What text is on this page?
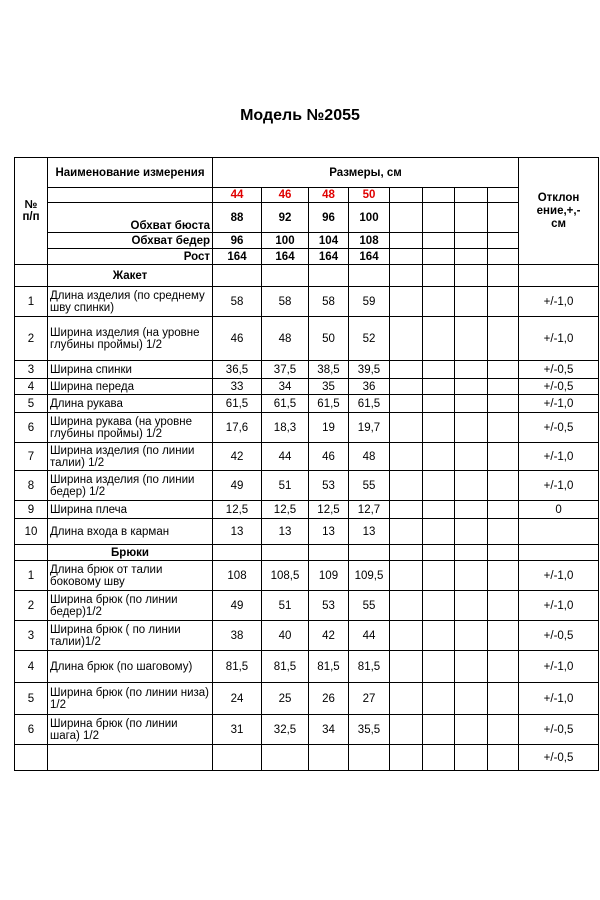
Модель №2055
№
п/п	Наименование измерения	Размеры, см								Отклон
ение,+,-
см
		44	46	48	50					
	Обхват бюста	88	92	96	100					
	Обхват бедер	96	100	104	108					
	Рост	164	164	164	164					
	Жакет									
1	Длина изделия (по среднему шву спинки)	58	58	58	59					+/-1,0
2	Ширина изделия (на уровне глубины проймы) 1/2	46	48	50	52					+/-1,0
3	Ширина спинки	36,5	37,5	38,5	39,5					+/-0,5
4	Ширина переда	33	34	35	36					+/-0,5
5	Длина рукава	61,5	61,5	61,5	61,5					+/-1,0
6	Ширина рукава (на уровне глубины проймы) 1/2	17,6	18,3	19	19,7					+/-0,5
7	Ширина изделия (по линии талии) 1/2	42	44	46	48					+/-1,0
8	Ширина изделия (по линии бедер) 1/2	49	51	53	55					+/-1,0
9	Ширина плеча	12,5	12,5	12,5	12,7					0
10	Длина входа в карман	13	13	13	13					
	Брюки									
1	Длина брюк от талии боковому шву	108	108,5	109	109,5					+/-1,0
2	Ширина брюк (по линии бедер)1/2	49	51	53	55					+/-1,0
3	Ширина брюк ( по линии талии)1/2	38	40	42	44					+/-0,5
4	Длина брюк (по шаговому)	81,5	81,5	81,5	81,5					+/-1,0
5	Ширина брюк (по линии низа) 1/2	24	25	26	27					+/-1,0
6	Ширина брюк (по линии шага) 1/2	31	32,5	34	35,5					+/-0,5
										+/-0,5
